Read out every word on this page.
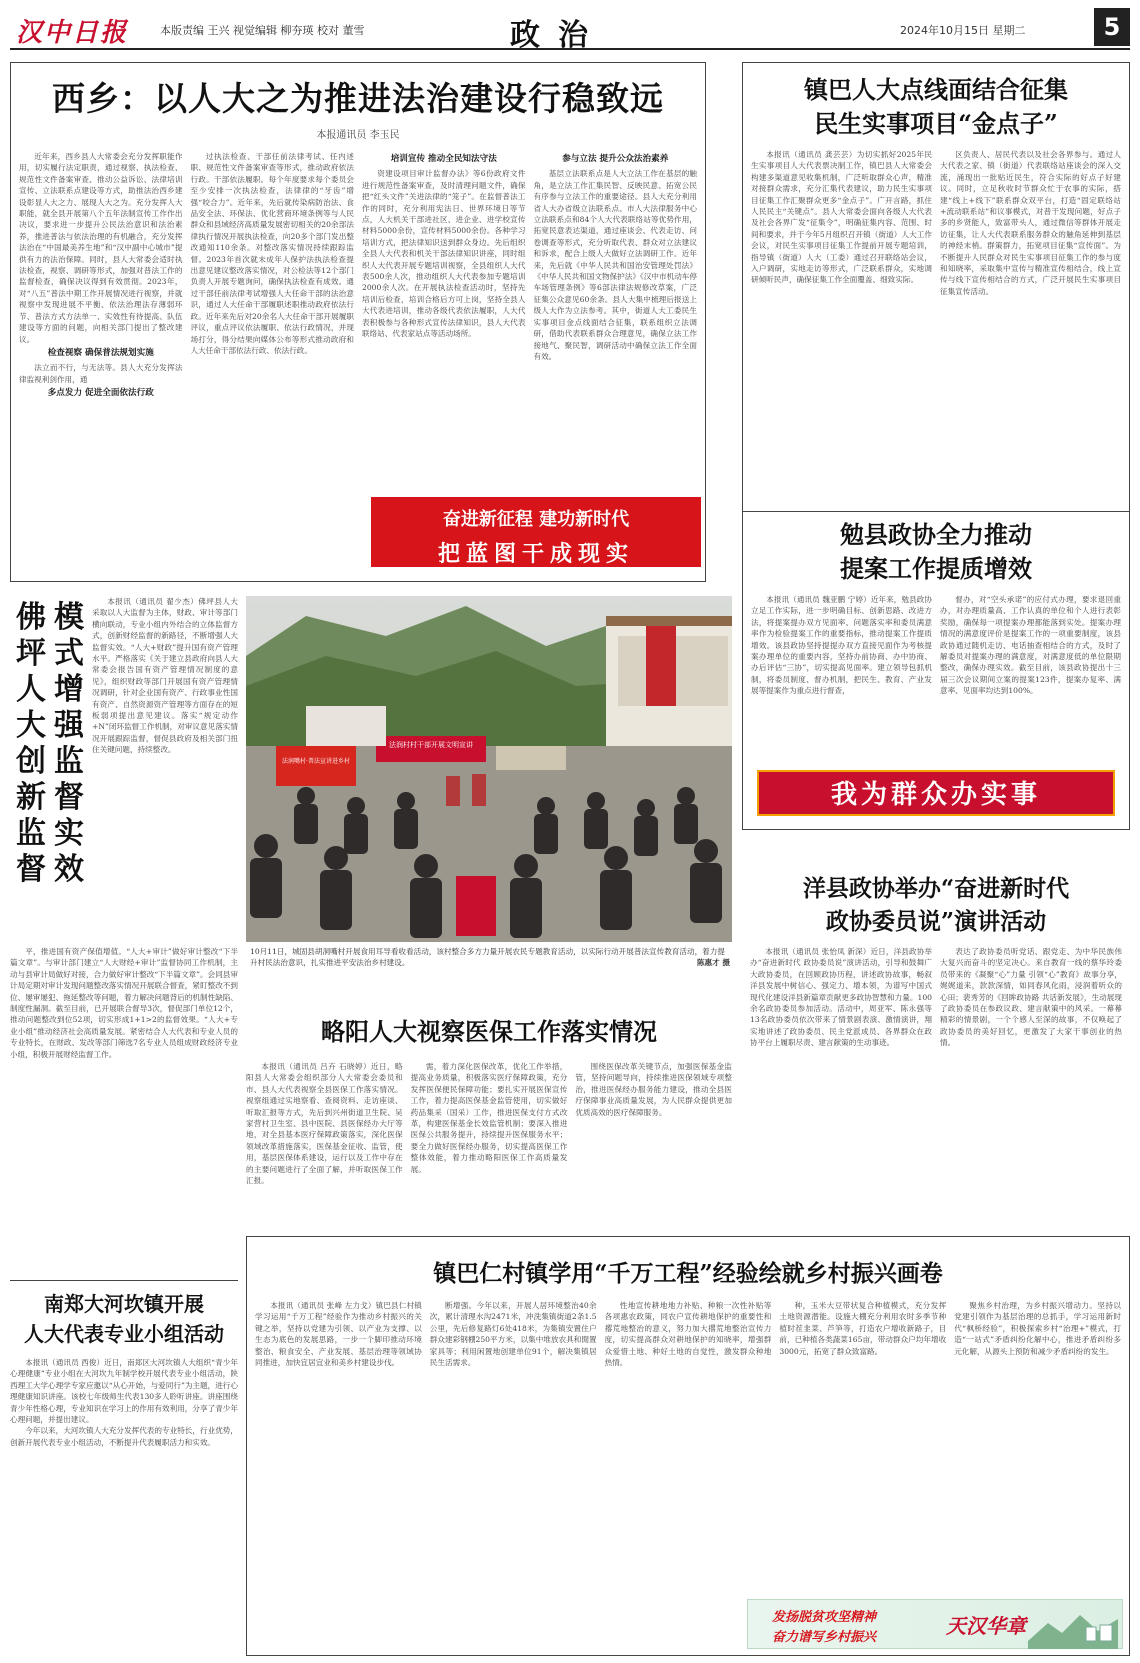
汉中日报	本版责编 王兴 视觉编辑 柳夯瑛 校对 董雪	政治	2024年10月15日 星期二	5
西乡：以人大之为推进法治建设行稳致远
本报通讯员 李玉民

近年来，西乡县人大常委会充分发挥职能作用，切实履行法定职责，通过视察、执法检查、规范性文件备案审查、推动公益诉讼、法律培训宣传、立法联系点建设等方式，助推法治西乡建设彰显人大之力、展现人大之为。充分发挥人大职能，就全县开展第八个五年法制宣传工作作出决议，要求进一步提升公民法治意识和法治素养，推进普法与依法治理的有机融合，充分发挥法治在“中国最美养生地”和“汉中副中心城市”提供有力的法治保障。同时，县人大常委会适时执法检查，视察、调研等形式，加强对普法工作的监督检查，确保决议得到有效贯彻。2023年，对“八五”普法中期工作开展情况进行视察，并就视察中发现进展不平衡、依法治理法存薄弱环节、普法方式方法单一、实效性有待提高、队伍建设等方面的问题，向相关部门提出了整改建议。

检查视察 确保普法规划实施

法立而不行，与无法等。县人大充分发挥法律监视利剑作用，通

多点发力 促进全面依法行政

过执法检查、干部任前法律考试、任内述职、规范性文件备案审查等形式，推动政府依法行政。干部依法履职。每个年度要求每个委员会至少安排一次执法检查，法律律的“牙齿”增强“咬合力”。近年来，先后就传染病防治法、食品安全法、环保法、优化营商环境条例等与人民群众和县域经济高质量发展密切相关的20余部法律执行情况开展执法检查，向20多个部门发出整改通知110余条。对整改落实情况持续跟踪监督。2023年首次就未成年人保护法执法检查提出意见建议整改落实情况，对公检法等12个部门负责人开展专题询问，确保执法检查有成效。通过干部任前法律考试增强人大任命干部的法治意识，通过人大任命干部履职述职推动政府依法行政。近年来先后对20余名人大任命干部开展履职评议，重点评议依法履职、依法行政情况，并现场打分，得分结果向媒体公布等形式推动政府和人大任命干部依法行政、依法行政。

培训宣传 推动全民知法守法

资建设项目审计监督办法》等6份政府文件进行规范性备案审查，及时清理问题文件，确保把“红头文件”关进法律的“笼子”。在监督普法工作的同时，充分利用宪法日、世界环境日等节点，人大机关干部进社区、进企业、进学校宣传材料5000余份，宣传材料5000余份。各种学习培训方式，把法律知识送到群众身边。先后组织全县人大代表和机关干部法律知识讲座，同时组织人大代表开展专题培训视察，全县组织人大代表500余人次，推动组织人大代表参加专题培训2000余人次。在开展执法检查活动时，坚持先培训后检查，培训合格后方可上岗，坚持全县人大代表进培训，推动各级代表依法履职，人大代表积极参与各种形式宣传法律知识，县人大代表联络站、代表家站点等活动场所。

参与立法 提升公众法治素养

基层立法联系点是人大立法工作在基层的触角，是立法工作汇集民智、反映民意、拓宽公民有序参与立法工作的重要途径。县人大充分利用省人大办省级立法联系点、市人大法律服务中心立法联系点和84个人大代表联络站等优势作用，拓宽民意表达渠道，通过座谈会、代表走访、问卷调查等形式，充分听取代表、群众对立法建议和诉求，配合上级人大做好立法调研工作。近年来，先后就《中华人民共和国治安管理处罚法》《中华人民共和国文物保护法》《汉中市机动车停车场管理条例》等6部法律法规修改草案，广泛征集公众意见60余条。县人大集中梳理后报送上级人大作为立法参考。其中，街道人大工委民生实事项目金点线面结合征集，联系组织立法调研，借助代表联系群众合理意见，确保立法工作接地气、聚民智，调研活动中确保立法工作全面有效。

奋进新征程 建功新时代
把蓝图干成现实
镇巴人大点线面结合征集
民生实事项目“金点子”

本报讯（通讯员 龚芸芸）为切实抓好2025年民生实事项目人大代表票决制工作，镇巴县人大常委会构建多渠道意见收集机制，广泛听取群众心声，精准对接群众需求，充分汇集代表建议，助力民生实事项目征集工作汇聚群众更多“金点子”。广开言路，抓住人民民主“关键点”。县人大常委会面向各级人大代表及社会各界广发“征集令”，明确征集内容、范围、时间和要求，并于今年5月组织召开镇（街道）人大工作会议，对民生实事项目征集工作提前开展专题培训，指导镇（街道）人大（工委）通过召开联络站会议，入户调研，实地走访等形式，广泛联系群众，实地调研倾听民声，确保征集工作全面覆盖、细致实际。

区负责人、居民代表以及社会各界参与。通过人大代表之家、镇（街道）代表联络站座谈会的深入交流，涌现出一批贴近民生，符合实际的好点子好建议。同时，立足秋收时节群众忙于农事的实际，搭建“线上+线下”联系群众双平台，打造“固定联络站+流动联系站”和议事模式，对普干发现问题，好点子多的乡贤能人，致富带头人，通过微信等群体开展走访征集，让人大代表联系服务群众的触角延伸到基层的神经末梢。群策群力，拓宽项目征集“宣传面”。为不断提升人民群众对民生实事项目征集工作的参与度和知晓率，采取集中宣传与精准宣传相结合，线上宣传与线下宣传相结合的方式，广泛开展民生实事项目征集宣传活动。

勉县政协全力推动
提案工作提质增效

本报讯（通讯员 魏亚鹏 宁婷）近年来，勉县政协立足工作实际，进一步明确目标、创新思路、改进方法，将提案提办双方见面率、问题落实率和委员满意率作为检验提案工作的重要指标，推动提案工作提质增效。该县政协坚持提提办双方直接见面作为考核提案办理单位的重要内容，坚持办前协商、办中协商、办后评估“三协”，切实提高见面率。建立领导包抓机制，将委员制度、督办机制，把民生、教育、产业发展等提案作为重点进行督查，

督办，对“空头承诺”的应付式办理，要求退回重办，对办理质量高、工作认真的单位和个人进行表彰奖励，确保每一项提案办理都能落到实处。提案办理情况的满意度评价是提案工作的一项重要制度，该县政协通过随机走访、电话抽查相结合的方式，及时了解委员对提案办理的满意度，对满意度低的单位限期整改，确保办理实效。截至目前，该县政协提出十三届三次会议期间立案的提案123件，提案办复率、满意率、见面率均达到100%。

我为群众办实事
佛坪人大创新监督
模式增强监督实效

本报讯（通讯员 翟少杰）佛坪县人大采取以人大监督为主体，财政、审计等部门横向联动，专业小组内外结合的立体监督方式，创新财经监督的新路径，不断增强人大监督实效。“人大+财政”提升国有资产管理水平。严格落实《关于建立县政府向县人大常委会报告国有资产管理情况制度的意见》，组织财政等部门开展国有资产管理情况调研，针对企业国有资产、行政事业性国有资产、自然资源资产管理等方面存在的短板弱项提出意见建议。落实“规定动作+N”闭环监督工作机制，对审议意见落实情况开展跟踪监督，督促县政府及相关部门扭住关键问题，持续整改。

平，推进国有资产保值增值。“人大+审计”做好审计整改“下半篇文章”。与审计部门建立“人大财经+审计”监督协同工作机制，主动与县审计局做好对接，合力做好审计整改“下半篇文章”。会同县审计局定期对审计发现问题整改落实情况开展联合督查，紧盯整改不到位、屡审屡犯、拖延整改等问题，着力解决问题背后的机制性缺陷、制度性漏洞。截至目前，已开展联合督导3次，督促部门单位12个，推动问题整改到位52项，切实形成1+1>2的监督效果。“人大+专业小组”推动经济社会高质量发展。紧密结合人大代表和专业人员的专业特长，在财政、发改等部门筛选7名专业人员组成财政经济专业小组，积极开展财经监督工作。

法润村村干部开展文明宣讲
法润嘴村·普法宣讲进乡村
10月11日，城固县胡洞嘴村开展食用耳导看收看活动，该村整合多方力量开展农民专题教育活动，以实际行动开展普法宣传教育活动，着力提升村民法治意识，扎实推进平安法治乡村建设。	陈惠才 摄
略阳人大视察医保工作落实情况

本报讯（通讯员 吕卉 石晓婷）近日，略阳县人大常委会组织部分人大常委会委员和市、县人大代表视察全县医保工作落实情况。视察组通过实地察看、查阅资料、走访座谈、听取汇报等方式，先后到兴州街道卫生院、吴家营村卫生室、县中医院、县医保经办大厅等地，对全县基本医疗保障政策落实，深化医保领域改革措施落实，医保基金征收、监管，使用，基层医保体系建设，运行以及工作中存在的主要问题进行了全面了解，并听取医保工作汇报。

需，着力深化医保改革，优化工作举措，提高业务质量，积极落实医疗保障政策，充分发挥医保便民保障功能；要扎实开展医保宣传工作，着力提高医保基金监管使用，切实做好药品集采（国采）工作，推进医保支付方式改革，构建医保基金长效监管机制；要深入推进医保公共服务提升，持续提升医保服务水平；要全力做好医保经办服务，切实提高医保工作整体效能，着力推动略阳医保工作高质量发展。

围绕医保改革关键节点，加强医保基金监管，坚持问题导向，持续推进医保领域专项整治，推进医保经办服务能力建设，推动全县医疗保障事业高质量发展，为人民群众提供更加优质高效的医疗保障服务。

洋县政协举办“奋进新时代
政协委员说”演讲活动

本报讯（通讯员 张怡凤 新深）近日，洋县政协举办“奋进新时代 政协委员说”演讲活动，引导和鼓舞广大政协委员，在回顾政协历程，讲述政协故事，畅叙洋县发展中树信心、强定力、增本领，为谱写中国式现代化建设洋县新篇章贡献更多政协智慧和力量。100余名政协委员参加活动。活动中，周亚军、陈永强等13名政协委员依次带来了情景剧表演、激情演讲，翔实地讲述了政协委员、民主党派成员、各界群众在政协平台上履职尽责、建言献策的生动事迹。

表达了政协委员听党话、跟党走、为中华民族伟大复兴而奋斗的坚定决心。来自教育一线的蔡华玲委员带来的《凝聚“心”力量 引领“心”教育》故事分享，娓娓道来，款款深情，如同春风化雨，浸润着听众的心田；裴秀芳的《回眸政协路 共话新发展》，生动展现了政协委员在参政议政、建言献策中的风采。一幕幕精彩的情景剧，一个个感人至深的故事，不仅唤起了政协委员的美好回忆，更激发了大家干事创业的热情。

南郑大河坎镇开展
人大代表专业小组活动

本报讯（通讯员 西俊）近日，南郑区大河坎镇人大组织“青少年心理健康”专业小组在大河坎九年制学校开展代表专业小组活动，陕西理工大学心理学专家应邀以“从心开始，与爱同行”为主题，进行心理健康知识讲座。该校七年级师生代表130多人聆听讲座。讲座围绕青少年性格心理，专业知识在学习上的作用有效利用，分享了青少年心理问题，并提出建议。

今年以来，大河坎镇人大充分发挥代表的专业特长，行业优势，创新开展代表专业小组活动，不断提升代表履职活力和实效。

镇巴仁村镇学用“千万工程”经验绘就乡村振兴画卷

本报讯（通讯员 张峰 左力戈）镇巴县仁村镇学习运用“千万工程”经验作为推动乡村振兴的关键之举，坚持以党建为引领、以产业为支撑、以生态为底色的发展思路，一步一个脚印推动环境整治、粮食安全、产业发展、基层治理等领域协同推进，加快宜居宜业和美乡村建设步伐。

断增强。今年以来，开展人居环境整治40余次，累计清理水沟2471米，冲洗集镇街道2条1.5公里，先后修复路灯6处418米，为集镇安置住户群众建彩钢棚250平方米，以集中堆放农具和閒置家具等；利用闲置地创建单位91个，解决集镇居民生活需求。

性地宣传耕地地力补贴、种粮一次性补贴等各项惠农政策，同农户宣传耕地保护的重要性和撂荒地整治的意义，努力加大撂荒地整治宣传力度，切实提高群众对耕地保护的知晓率，增强群众爱惜土地、种好土地的自觉性，激发群众种地热情。

种，玉米大豆带状复合种植模式，充分发挥土地资源潜能。设施大棚充分利用农时多季节种植时茬韭菜、芦笋等，打造农户增收新路子，目前，已种植各类蔬菜165亩，带动群众户均年增收3000元，拓宽了群众致富路。

聚焦乡村治理，为乡村振兴增动力。坚持以党建引领作为基层治理的总抓手，学习运用新时代“枫桥经验”，积极探索乡村“治理+”模式，打造“一站式”矛盾纠纷化解中心，推进矛盾纠纷多元化解，从源头上预防和减少矛盾纠纷的发生。

发扬脱贫攻坚精神
奋力谱写乡村振兴	天汉华章
